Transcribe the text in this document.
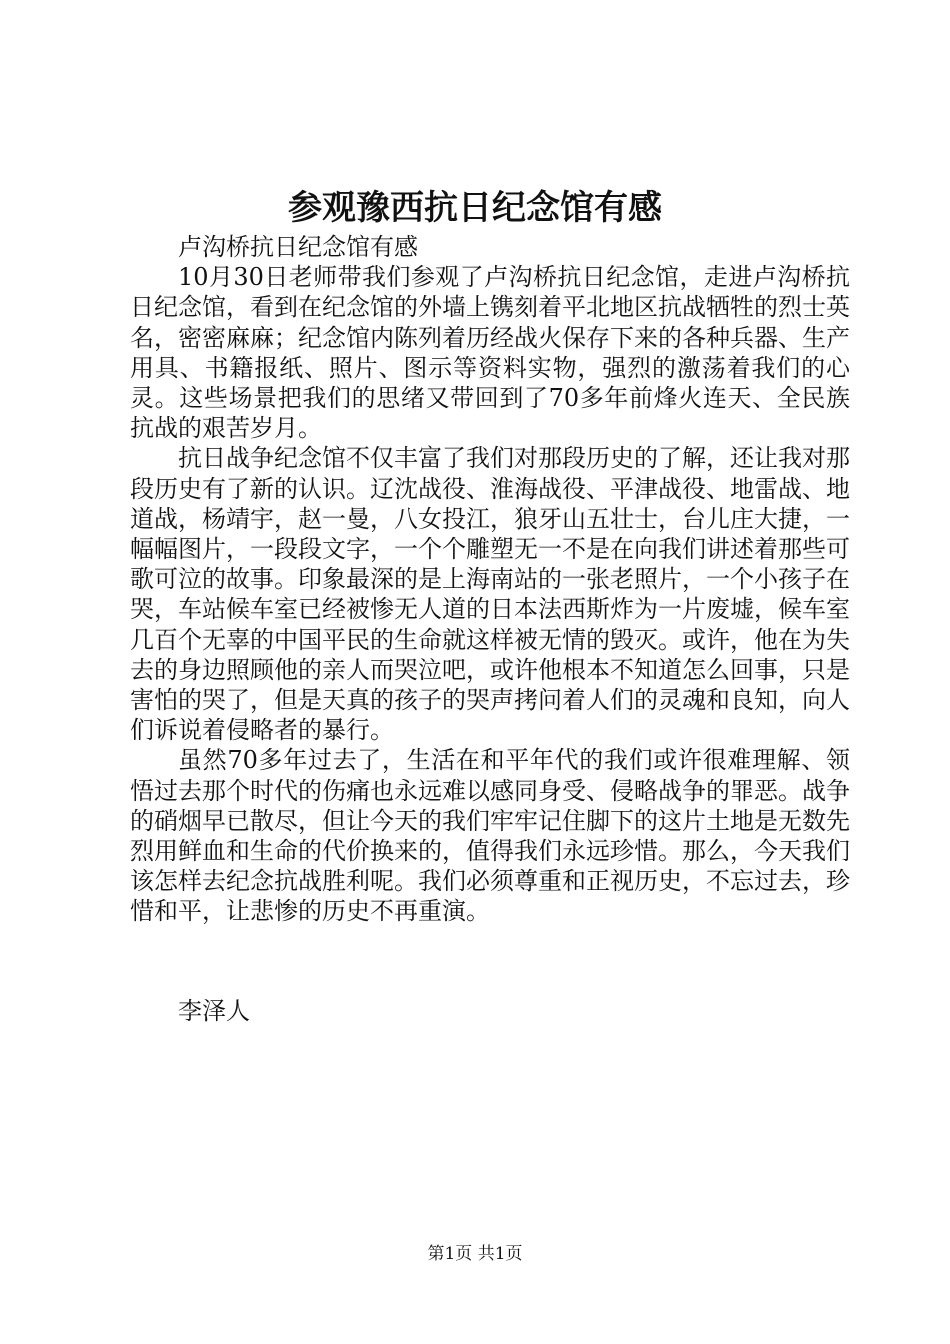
参观豫西抗日纪念馆有感

卢沟桥抗日纪念馆有感

10月30日老师带我们参观了卢沟桥抗日纪念馆，走进卢沟桥抗日纪念馆，看到在纪念馆的外墙上镌刻着平北地区抗战牺牲的烈士英名，密密麻麻；纪念馆内陈列着历经战火保存下来的各种兵器、生产用具、书籍报纸、照片、图示等资料实物，强烈的激荡着我们的心灵。这些场景把我们的思绪又带回到了70多年前烽火连天、全民族抗战的艰苦岁月。

抗日战争纪念馆不仅丰富了我们对那段历史的了解，还让我对那段历史有了新的认识。辽沈战役、淮海战役、平津战役、地雷战、地道战，杨靖宇，赵一曼，八女投江，狼牙山五壮士，台儿庄大捷，一幅幅图片，一段段文字，一个个雕塑无一不是在向我们讲述着那些可歌可泣的故事。印象最深的是上海南站的一张老照片，一个小孩子在哭，车站候车室已经被惨无人道的日本法西斯炸为一片废墟，候车室几百个无辜的中国平民的生命就这样被无情的毁灭。或许，他在为失去的身边照顾他的亲人而哭泣吧，或许他根本不知道怎么回事，只是害怕的哭了，但是天真的孩子的哭声拷问着人们的灵魂和良知，向人们诉说着侵略者的暴行。

虽然70多年过去了，生活在和平年代的我们或许很难理解、领悟过去那个时代的伤痛也永远难以感同身受、侵略战争的罪恶。战争的硝烟早已散尽，但让今天的我们牢牢记住脚下的这片土地是无数先烈用鲜血和生命的代价换来的，值得我们永远珍惜。那么，今天我们该怎样去纪念抗战胜利呢。我们必须尊重和正视历史，不忘过去，珍惜和平，让悲惨的历史不再重演。

李泽人
第1页 共1页
